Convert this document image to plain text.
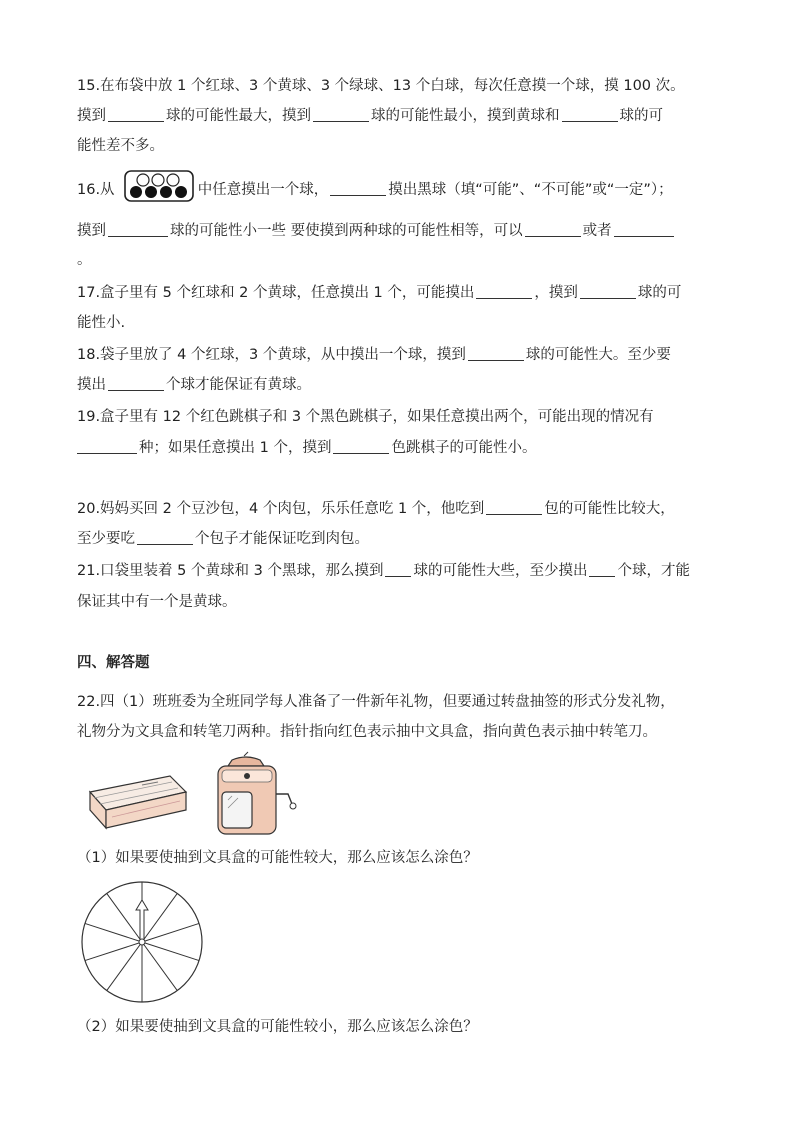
15.在布袋中放 1 个红球、3 个黄球、3 个绿球、13 个白球，每次任意摸一个球，摸 100 次。
摸到	球的可能性最大，摸到	球的可能性最小，摸到黄球和	球的可
能性差不多。
16.从	中任意摸出一个球，	摸出黑球（填“可能”、“不可能”或“一定”）；
摸到	球的可能性小一些 要使摸到两种球的可能性相等，可以	或者
。
17.盒子里有 5 个红球和 2 个黄球，任意摸出 1 个，可能摸出	，摸到	球的可
能性小.
18.袋子里放了 4 个红球，3 个黄球，从中摸出一个球，摸到	球的可能性大。至少要
摸出	个球才能保证有黄球。
19.盒子里有 12 个红色跳棋子和 3 个黑色跳棋子，如果任意摸出两个，可能出现的情况有
种；如果任意摸出 1 个，摸到	色跳棋子的可能性小。
20.妈妈买回 2 个豆沙包，4 个肉包，乐乐任意吃 1 个，他吃到	包的可能性比较大，
至少要吃	个包子才能保证吃到肉包。
21.口袋里装着 5 个黄球和 3 个黑球，那么摸到 球的可能性大些，至少摸出 个球，才能
保证其中有一个是黄球。
四、解答题
22.四（1）班班委为全班同学每人准备了一件新年礼物，但要通过转盘抽签的形式分发礼物，
礼物分为文具盒和转笔刀两种。指针指向红色表示抽中文具盒，指向黄色表示抽中转笔刀。
（1）如果要使抽到文具盒的可能性较大，那么应该怎么涂色？
（2）如果要使抽到文具盒的可能性较小，那么应该怎么涂色？
